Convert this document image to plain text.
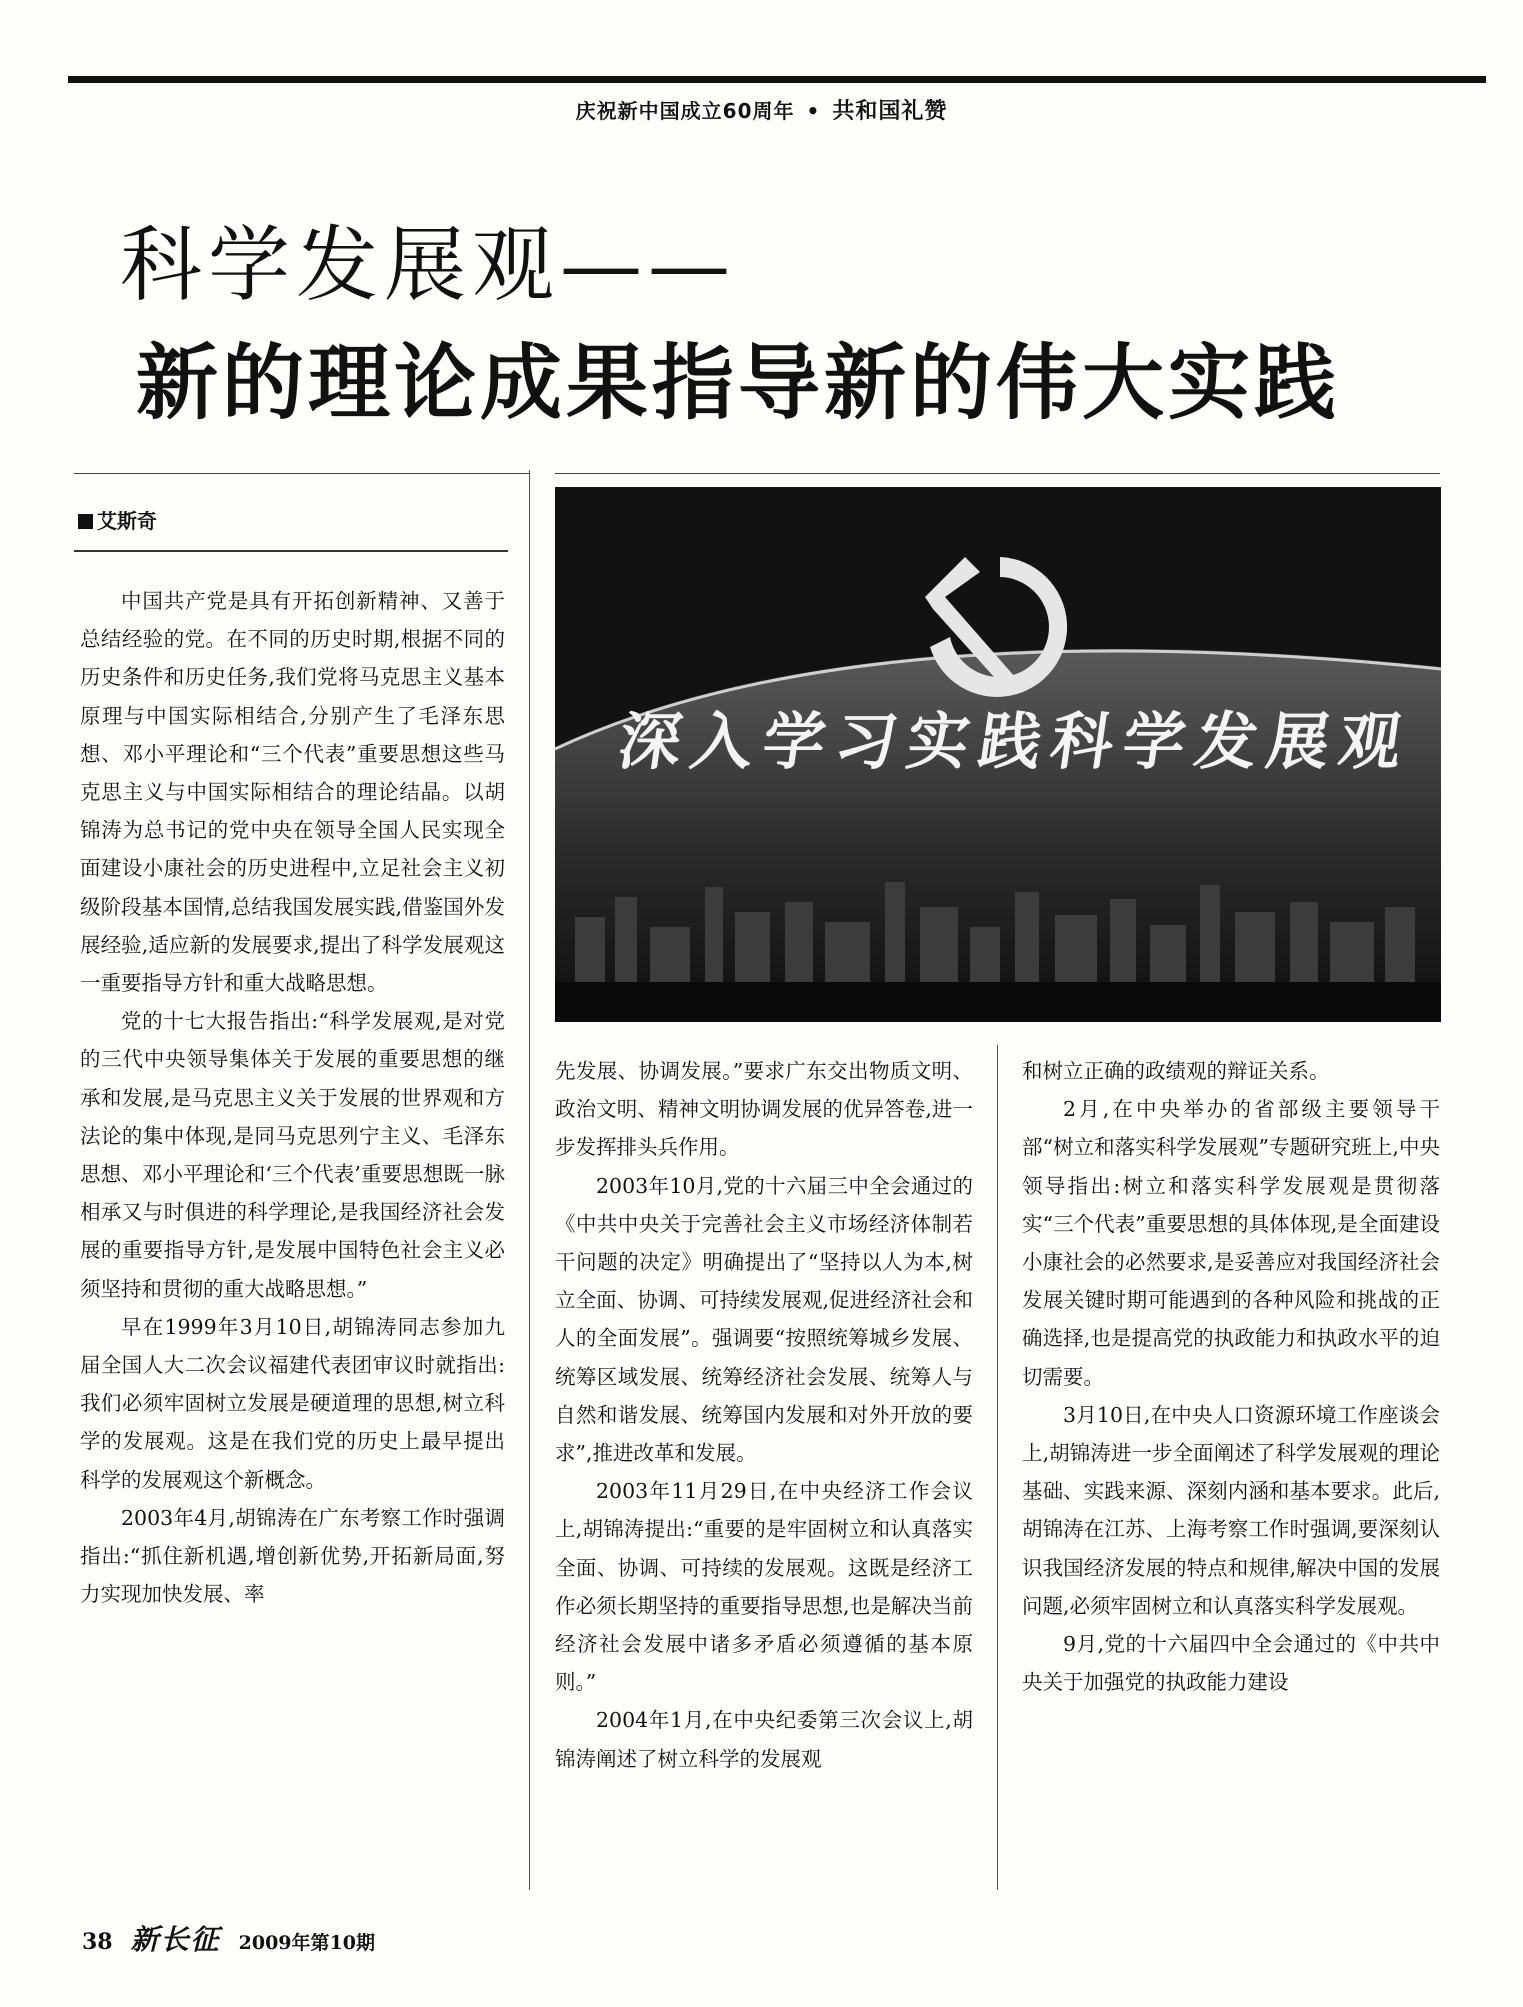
庆祝新中国成立60周年 • 共和国礼赞
科学发展观——
新的理论成果指导新的伟大实践
艾斯奇
深入学习实践科学发展观

中国共产党是具有开拓创新精神、又善于总结经验的党。在不同的历史时期,根据不同的历史条件和历史任务,我们党将马克思主义基本原理与中国实际相结合,分别产生了毛泽东思想、邓小平理论和“三个代表”重要思想这些马克思主义与中国实际相结合的理论结晶。以胡锦涛为总书记的党中央在领导全国人民实现全面建设小康社会的历史进程中,立足社会主义初级阶段基本国情,总结我国发展实践,借鉴国外发展经验,适应新的发展要求,提出了科学发展观这一重要指导方针和重大战略思想。

党的十七大报告指出:“科学发展观,是对党的三代中央领导集体关于发展的重要思想的继承和发展,是马克思主义关于发展的世界观和方法论的集中体现,是同马克思列宁主义、毛泽东思想、邓小平理论和‘三个代表’重要思想既一脉相承又与时俱进的科学理论,是我国经济社会发展的重要指导方针,是发展中国特色社会主义必须坚持和贯彻的重大战略思想。”

早在1999年3月10日,胡锦涛同志参加九届全国人大二次会议福建代表团审议时就指出:我们必须牢固树立发展是硬道理的思想,树立科学的发展观。这是在我们党的历史上最早提出科学的发展观这个新概念。

2003年4月,胡锦涛在广东考察工作时强调指出:“抓住新机遇,增创新优势,开拓新局面,努力实现加快发展、率

先发展、协调发展。”要求广东交出物质文明、政治文明、精神文明协调发展的优异答卷,进一步发挥排头兵作用。

2003年10月,党的十六届三中全会通过的《中共中央关于完善社会主义市场经济体制若干问题的决定》明确提出了“坚持以人为本,树立全面、协调、可持续发展观,促进经济社会和人的全面发展”。强调要“按照统筹城乡发展、统筹区域发展、统筹经济社会发展、统筹人与自然和谐发展、统筹国内发展和对外开放的要求”,推进改革和发展。

2003年11月29日,在中央经济工作会议上,胡锦涛提出:“重要的是牢固树立和认真落实全面、协调、可持续的发展观。这既是经济工作必须长期坚持的重要指导思想,也是解决当前经济社会发展中诸多矛盾必须遵循的基本原则。”

2004年1月,在中央纪委第三次会议上,胡锦涛阐述了树立科学的发展观

和树立正确的政绩观的辩证关系。

2月,在中央举办的省部级主要领导干部“树立和落实科学发展观”专题研究班上,中央领导指出:树立和落实科学发展观是贯彻落实“三个代表”重要思想的具体体现,是全面建设小康社会的必然要求,是妥善应对我国经济社会发展关键时期可能遇到的各种风险和挑战的正确选择,也是提高党的执政能力和执政水平的迫切需要。

3月10日,在中央人口资源环境工作座谈会上,胡锦涛进一步全面阐述了科学发展观的理论基础、实践来源、深刻内涵和基本要求。此后,胡锦涛在江苏、上海考察工作时强调,要深刻认识我国经济发展的特点和规律,解决中国的发展问题,必须牢固树立和认真落实科学发展观。

9月,党的十六届四中全会通过的《中共中央关于加强党的执政能力建设

38 新长征 2009年第10期
